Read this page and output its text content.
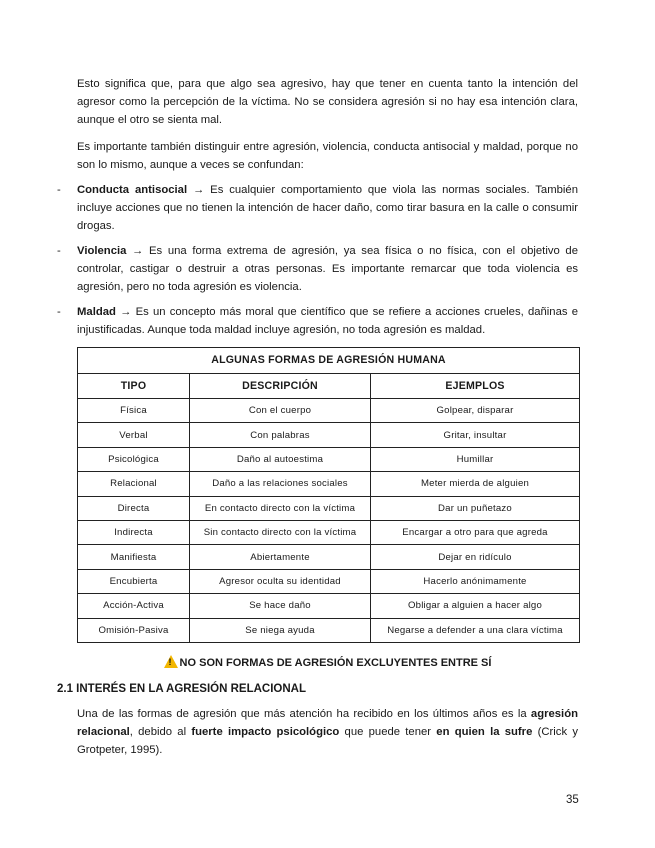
Esto significa que, para que algo sea agresivo, hay que tener en cuenta tanto la intención del agresor como la percepción de la víctima. No se considera agresión si no hay esa intención clara, aunque el otro se sienta mal.

Es importante también distinguir entre agresión, violencia, conducta antisocial y maldad, porque no son lo mismo, aunque a veces se confundan:

- Conducta antisocial → Es cualquier comportamiento que viola las normas sociales. También incluye acciones que no tienen la intención de hacer daño, como tirar basura en la calle o consumir drogas.

- Violencia → Es una forma extrema de agresión, ya sea física o no física, con el objetivo de controlar, castigar o destruir a otras personas. Es importante remarcar que toda violencia es agresión, pero no toda agresión es violencia.

- Maldad → Es un concepto más moral que científico que se refiere a acciones crueles, dañinas e injustificadas. Aunque toda maldad incluye agresión, no toda agresión es maldad.

ALGUNAS FORMAS DE AGRESIÓN HUMANA		
TIPO	DESCRIPCIÓN	EJEMPLOS
Física	Con el cuerpo	Golpear, disparar
Verbal	Con palabras	Gritar, insultar
Psicológica	Daño al autoestima	Humillar
Relacional	Daño a las relaciones sociales	Meter mierda de alguien
Directa	En contacto directo con la víctima	Dar un puñetazo
Indirecta	Sin contacto directo con la víctima	Encargar a otro para que agreda
Manifiesta	Abiertamente	Dejar en ridículo
Encubierta	Agresor oculta su identidad	Hacerlo anónimamente
Acción-Activa	Se hace daño	Obligar a alguien a hacer algo
Omisión-Pasiva	Se niega ayuda	Negarse a defender a una clara víctima
! NO SON FORMAS DE AGRESIÓN EXCLUYENTES ENTRE SÍ
2.1 INTERÉS EN LA AGRESIÓN RELACIONAL

Una de las formas de agresión que más atención ha recibido en los últimos años es la agresión relacional, debido al fuerte impacto psicológico que puede tener en quien la sufre (Crick y Grotpeter, 1995).

35
